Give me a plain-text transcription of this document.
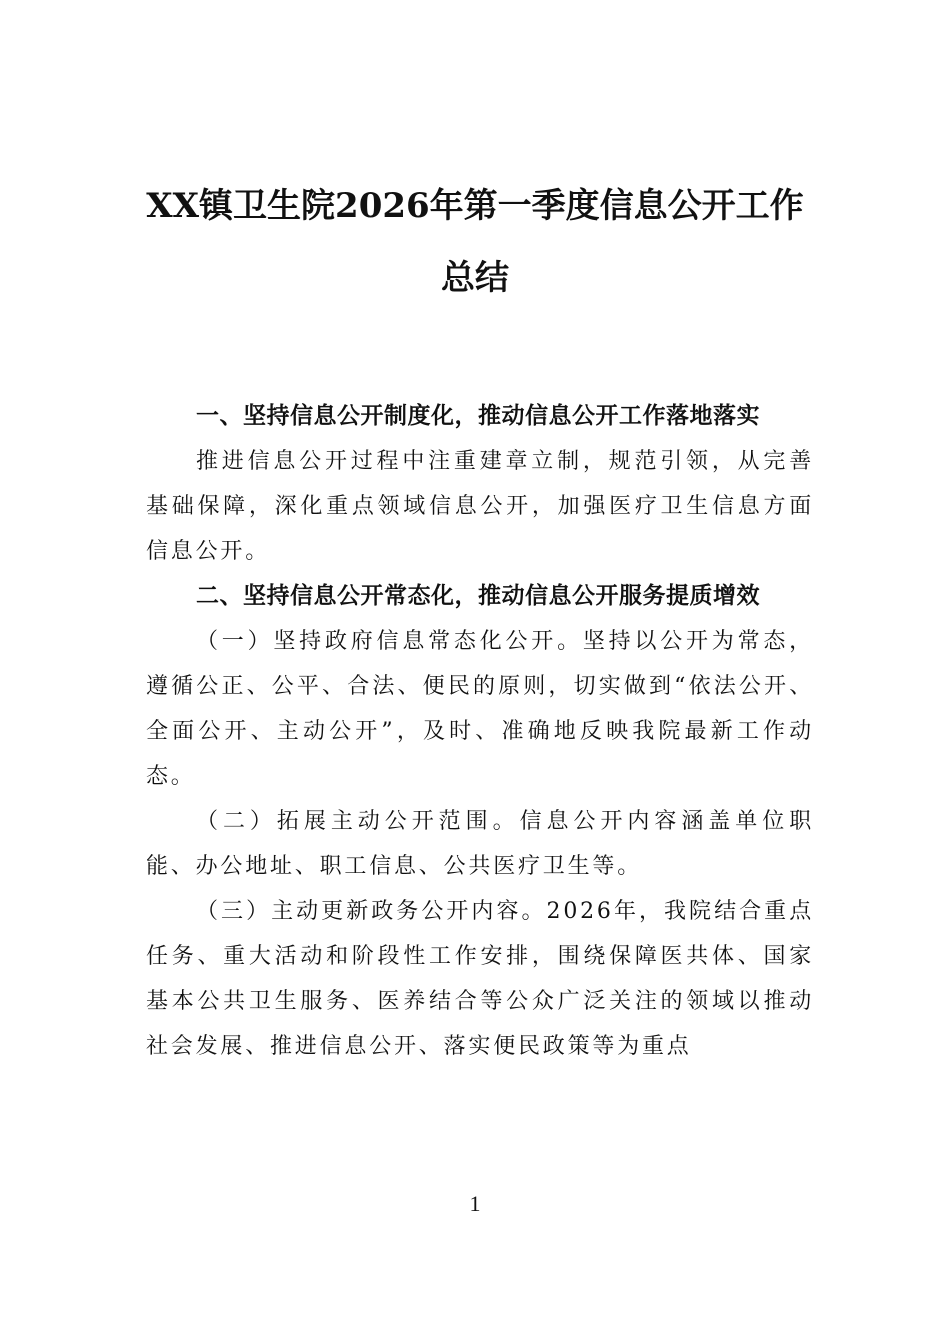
XX镇卫生院2026年第一季度信息公开工作总结

一、坚持信息公开制度化，推动信息公开工作落地落实

推进信息公开过程中注重建章立制，规范引领，从完善基础保障，深化重点领域信息公开，加强医疗卫生信息方面信息公开。

二、坚持信息公开常态化，推动信息公开服务提质增效

（一）坚持政府信息常态化公开。坚持以公开为常态，遵循公正、公平、合法、便民的原则，切实做到“依法公开、全面公开、主动公开”，及时、准确地反映我院最新工作动态。

（二）拓展主动公开范围。信息公开内容涵盖单位职能、办公地址、职工信息、公共医疗卫生等。

（三）主动更新政务公开内容。2026年，我院结合重点任务、重大活动和阶段性工作安排，围绕保障医共体、国家基本公共卫生服务、医养结合等公众广泛关注的领域以推动社会发展、推进信息公开、落实便民政策等为重点

1
